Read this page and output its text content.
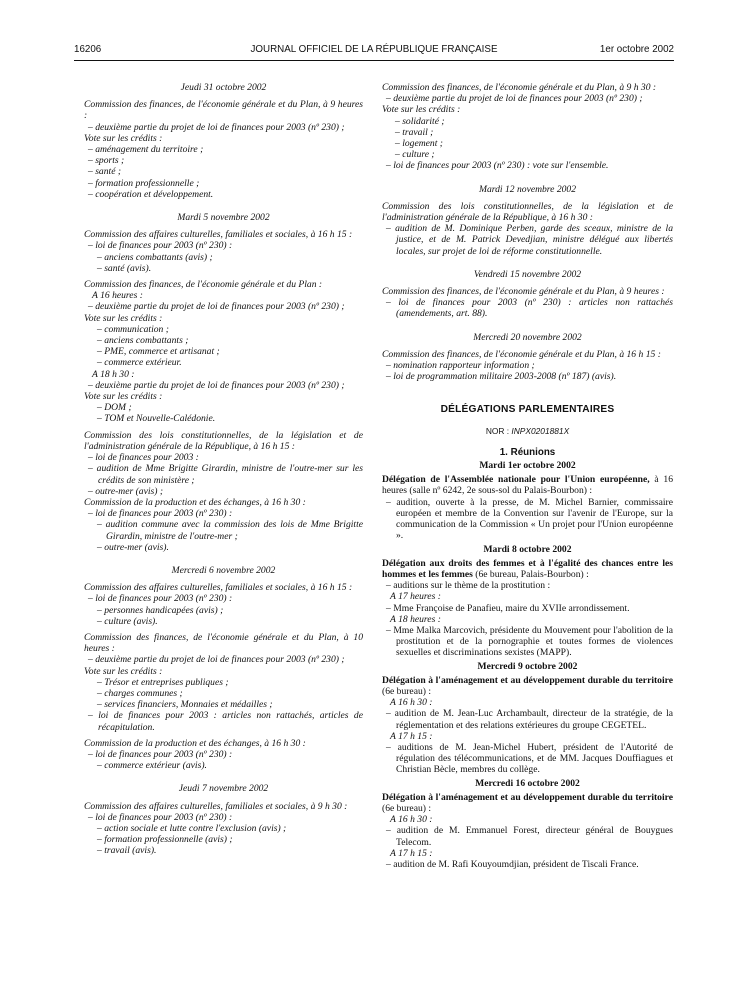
16206	JOURNAL OFFICIEL DE LA RÉPUBLIQUE FRANÇAISE	1er octobre 2002
Jeudi 31 octobre 2002
Commission des finances, de l'économie générale et du Plan, à 9 heures :
– deuxième partie du projet de loi de finances pour 2003 (nº 230) ;
Vote sur les crédits :
– aménagement du territoire ;
– sports ;
– santé ;
– formation professionnelle ;
– coopération et développement.
Mardi 5 novembre 2002
Commission des affaires culturelles, familiales et sociales, à 16 h 15 :
– loi de finances pour 2003 (nº 230) :
– anciens combattants (avis) ;
– santé (avis).
Commission des finances, de l'économie générale et du Plan :
A 16 heures :
– deuxième partie du projet de loi de finances pour 2003 (nº 230) ;
Vote sur les crédits :
– communication ;
– anciens combattants ;
– PME, commerce et artisanat ;
– commerce extérieur.
A 18 h 30 :
– deuxième partie du projet de loi de finances pour 2003 (nº 230) ;
Vote sur les crédits :
– DOM ;
– TOM et Nouvelle-Calédonie.
Commission des lois constitutionnelles, de la législation et de l'administration générale de la République, à 16 h 15 :
– loi de finances pour 2003 :
– audition de Mme Brigitte Girardin, ministre de l'outre-mer sur les crédits de son ministère ;
– outre-mer (avis) ;
Commission de la production et des échanges, à 16 h 30 :
– loi de finances pour 2003 (nº 230) :
– audition commune avec la commission des lois de Mme Brigitte Girardin, ministre de l'outre-mer ;
– outre-mer (avis).
Mercredi 6 novembre 2002
Commission des affaires culturelles, familiales et sociales, à 16 h 15 :
– loi de finances pour 2003 (nº 230) :
– personnes handicapées (avis) ;
– culture (avis).
Commission des finances, de l'économie générale et du Plan, à 10 heures :
– deuxième partie du projet de loi de finances pour 2003 (nº 230) ;
Vote sur les crédits :
– Trésor et entreprises publiques ;
– charges communes ;
– services financiers, Monnaies et médailles ;
– loi de finances pour 2003 : articles non rattachés, articles de récapitulation.
Commission de la production et des échanges, à 16 h 30 :
– loi de finances pour 2003 (nº 230) :
– commerce extérieur (avis).
Jeudi 7 novembre 2002
Commission des affaires culturelles, familiales et sociales, à 9 h 30 :
– loi de finances pour 2003 (nº 230) :
– action sociale et lutte contre l'exclusion (avis) ;
– formation professionnelle (avis) ;
– travail (avis).
Commission des finances, de l'économie générale et du Plan, à 9 h 30 :
– deuxième partie du projet de loi de finances pour 2003 (nº 230) ;
Vote sur les crédits :
– solidarité ;
– travail ;
– logement ;
– culture ;
– loi de finances pour 2003 (nº 230) : vote sur l'ensemble.
Mardi 12 novembre 2002
Commission des lois constitutionnelles, de la législation et de l'administration générale de la République, à 16 h 30 :
– audition de M. Dominique Perben, garde des sceaux, ministre de la justice, et de M. Patrick Devedjian, ministre délégué aux libertés locales, sur projet de loi de réforme constitutionnelle.
Vendredi 15 novembre 2002
Commission des finances, de l'économie générale et du Plan, à 9 heures :
– loi de finances pour 2003 (nº 230) : articles non rattachés (amendements, art. 88).
Mercredi 20 novembre 2002
Commission des finances, de l'économie générale et du Plan, à 16 h 15 :
– nomination rapporteur information ;
– loi de programmation militaire 2003-2008 (nº 187) (avis).
DÉLÉGATIONS PARLEMENTAIRES
NOR : INPX0201881X
1. Réunions
Mardi 1er octobre 2002
Délégation de l'Assemblée nationale pour l'Union européenne, à 16 heures (salle nº 6242, 2e sous-sol du Palais-Bourbon) :
– audition, ouverte à la presse, de M. Michel Barnier, commissaire européen et membre de la Convention sur l'avenir de l'Europe, sur la communication de la Commission « Un projet pour l'Union européenne ».
Mardi 8 octobre 2002
Délégation aux droits des femmes et à l'égalité des chances entre les hommes et les femmes (6e bureau, Palais-Bourbon) :
– auditions sur le thème de la prostitution :
A 17 heures :
– Mme Françoise de Panafieu, maire du XVIIe arrondissement.
A 18 heures :
– Mme Malka Marcovich, présidente du Mouvement pour l'abolition de la prostitution et de la pornographie et toutes formes de violences sexuelles et discriminations sexistes (MAPP).
Mercredi 9 octobre 2002
Délégation à l'aménagement et au développement durable du territoire (6e bureau) :
A 16 h 30 :
– audition de M. Jean-Luc Archambault, directeur de la stratégie, de la réglementation et des relations extérieures du groupe CEGETEL.
A 17 h 15 :
– auditions de M. Jean-Michel Hubert, président de l'Autorité de régulation des télécommunications, et de MM. Jacques Douffiagues et Christian Bècle, membres du collège.
Mercredi 16 octobre 2002
Délégation à l'aménagement et au développement durable du territoire (6e bureau) :
A 16 h 30 :
– audition de M. Emmanuel Forest, directeur général de Bouygues Telecom.
A 17 h 15 :
– audition de M. Rafi Kouyoumdjian, président de Tiscali France.
